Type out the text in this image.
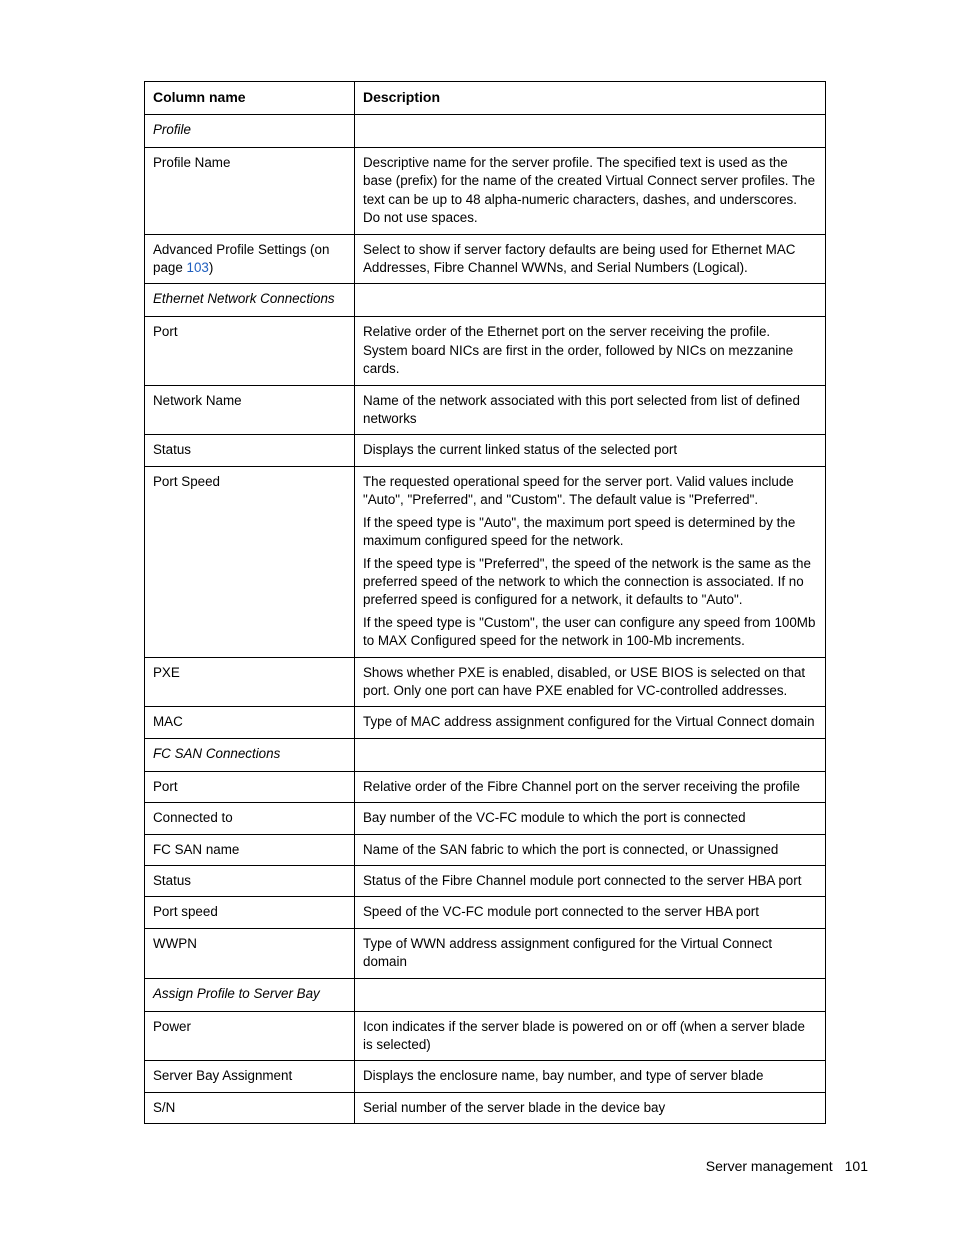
Column name	Description
Profile	
Profile Name	Descriptive name for the server profile. The specified text is used as the base (prefix) for the name of the created Virtual Connect server profiles. The text can be up to 48 alpha-numeric characters, dashes, and underscores. Do not use spaces.
Advanced Profile Settings (on page 103)	Select to show if server factory defaults are being used for Ethernet MAC Addresses, Fibre Channel WWNs, and Serial Numbers (Logical).
Ethernet Network Connections	
Port	Relative order of the Ethernet port on the server receiving the profile. System board NICs are first in the order, followed by NICs on mezzanine cards.
Network Name	Name of the network associated with this port selected from list of defined networks
Status	Displays the current linked status of the selected port
Port Speed	The requested operational speed for the server port. Valid values include "Auto", "Preferred", and "Custom". The default value is "Preferred".

If the speed type is "Auto", the maximum port speed is determined by the maximum configured speed for the network.

If the speed type is "Preferred", the speed of the network is the same as the preferred speed of the network to which the connection is associated. If no preferred speed is configured for a network, it defaults to "Auto".

If the speed type is "Custom", the user can configure any speed from 100Mb to MAX Configured speed for the network in 100-Mb increments.

PXE	Shows whether PXE is enabled, disabled, or USE BIOS is selected on that port. Only one port can have PXE enabled for VC-controlled addresses.
MAC	Type of MAC address assignment configured for the Virtual Connect domain
FC SAN Connections	
Port	Relative order of the Fibre Channel port on the server receiving the profile
Connected to	Bay number of the VC-FC module to which the port is connected
FC SAN name	Name of the SAN fabric to which the port is connected, or Unassigned
Status	Status of the Fibre Channel module port connected to the server HBA port
Port speed	Speed of the VC-FC module port connected to the server HBA port
WWPN	Type of WWN address assignment configured for the Virtual Connect domain
Assign Profile to Server Bay	
Power	Icon indicates if the server blade is powered on or off (when a server blade is selected)
Server Bay Assignment	Displays the enclosure name, bay number, and type of server blade
S/N	Serial number of the server blade in the device bay
Server management 101
